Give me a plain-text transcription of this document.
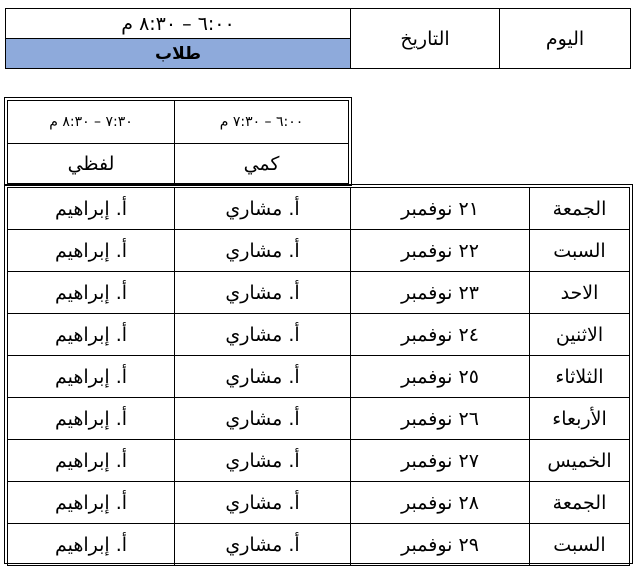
اليوم
التاريخ
٦:٠٠ – ٨:٣٠ م
طلاب
٦:٠٠ – ٧:٣٠ م
٧:٣٠ – ٨:٣٠ م
كمي
لفظي
الجمعة
٢١ نوفمبر
أ. مشاري
أ. إبراهيم
السبت
٢٢ نوفمبر
أ. مشاري
أ. إبراهيم
الاحد
٢٣ نوفمبر
أ. مشاري
أ. إبراهيم
الاثنين
٢٤ نوفمبر
أ. مشاري
أ. إبراهيم
الثلاثاء
٢٥ نوفمبر
أ. مشاري
أ. إبراهيم
الأربعاء
٢٦ نوفمبر
أ. مشاري
أ. إبراهيم
الخميس
٢٧ نوفمبر
أ. مشاري
أ. إبراهيم
الجمعة
٢٨ نوفمبر
أ. مشاري
أ. إبراهيم
السبت
٢٩ نوفمبر
أ. مشاري
أ. إبراهيم
